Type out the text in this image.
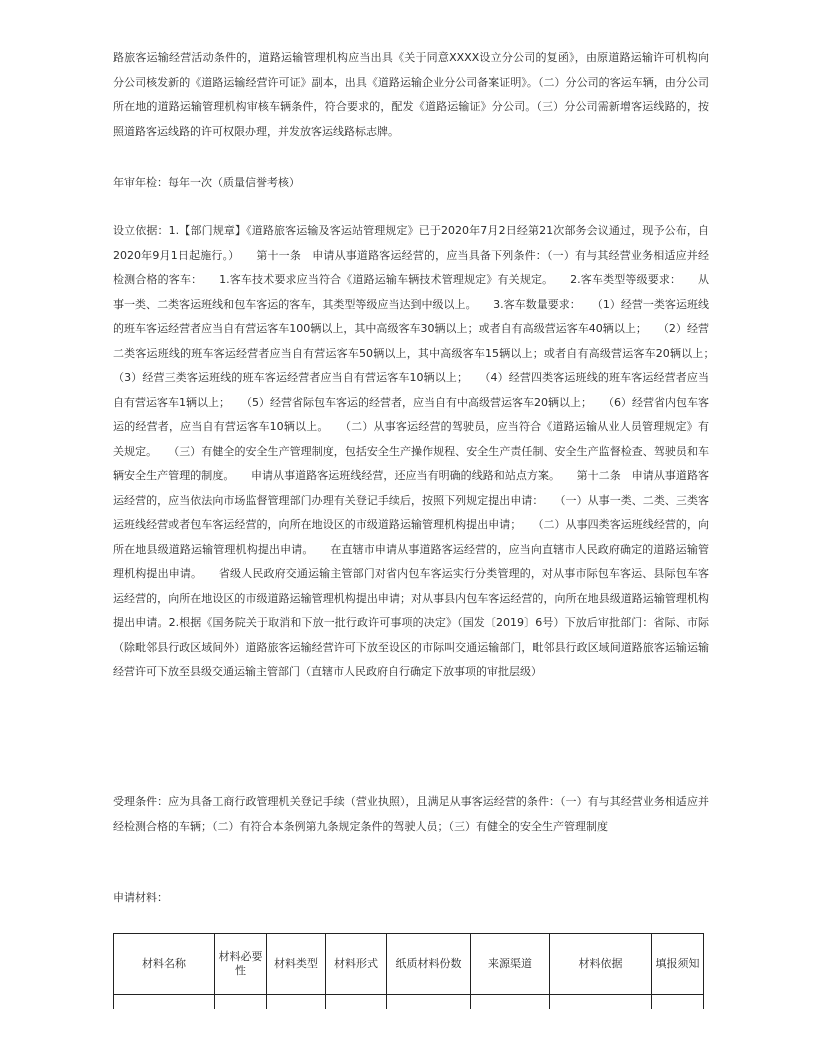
路旅客运输经营活动条件的，道路运输管理机构应当出具《关于同意XXXX设立分公司的复函》，由原道路运输许可机构向分公司核发新的《道路运输经营许可证》副本，出具《道路运输企业分公司备案证明》。（二）分公司的客运车辆，由分公司所在地的道路运输管理机构审核车辆条件，符合要求的，配发《道路运输证》分公司。（三）分公司需新增客运线路的，按照道路客运线路的许可权限办理，并发放客运线路标志牌。

年审年检：每年一次（质量信誉考核）

设立依据：1.【部门规章】《道路旅客运输及客运站管理规定》已于2020年7月2日经第21次部务会议通过，现予公布，自2020年9月1日起施行。）　　第十一条　申请从事道路客运经营的，应当具备下列条件：（一）有与其经营业务相适应并经检测合格的客车：　　1.客车技术要求应当符合《道路运输车辆技术管理规定》有关规定。　　2.客车类型等级要求：　　从事一类、二类客运班线和包车客运的客车，其类型等级应当达到中级以上。　　3.客车数量要求：　　（1）经营一类客运班线的班车客运经营者应当自有营运客车100辆以上，其中高级客车30辆以上；或者自有高级营运客车40辆以上；　　（2）经营二类客运班线的班车客运经营者应当自有营运客车50辆以上，其中高级客车15辆以上；或者自有高级营运客车20辆以上；　　（3）经营三类客运班线的班车客运经营者应当自有营运客车10辆以上；　　（4）经营四类客运班线的班车客运经营者应当自有营运客车1辆以上；　　（5）经营省际包车客运的经营者，应当自有中高级营运客车20辆以上；　　（6）经营省内包车客运的经营者，应当自有营运客车10辆以上。　　（二）从事客运经营的驾驶员，应当符合《道路运输从业人员管理规定》有关规定。　　（三）有健全的安全生产管理制度，包括安全生产操作规程、安全生产责任制、安全生产监督检查、驾驶员和车辆安全生产管理的制度。　　申请从事道路客运班线经营，还应当有明确的线路和站点方案。　　第十二条　申请从事道路客运经营的，应当依法向市场监督管理部门办理有关登记手续后，按照下列规定提出申请：　　（一）从事一类、二类、三类客运班线经营或者包车客运经营的，向所在地设区的市级道路运输管理机构提出申请；　　（二）从事四类客运班线经营的，向所在地县级道路运输管理机构提出申请。　　在直辖市申请从事道路客运经营的，应当向直辖市人民政府确定的道路运输管理机构提出申请。　　省级人民政府交通运输主管部门对省内包车客运实行分类管理的，对从事市际包车客运、县际包车客运经营的，向所在地设区的市级道路运输管理机构提出申请；对从事县内包车客运经营的，向所在地县级道路运输管理机构提出申请。2.根据《国务院关于取消和下放一批行政许可事项的决定》（国发〔2019〕6号）下放后审批部门：省际、市际（除毗邻县行政区域间外）道路旅客运输经营许可下放至设区的市际叫交通运输部门，毗邻县行政区域间道路旅客运输运输经营许可下放至县级交通运输主管部门（直辖市人民政府自行确定下放事项的审批层级）

受理条件：应为具备工商行政管理机关登记手续（营业执照），且满足从事客运经营的条件：（一）有与其经营业务相适应并经检测合格的车辆；（二）有符合本条例第九条规定条件的驾驶人员；（三）有健全的安全生产管理制度

申请材料：

材料名称	材料必要性	材料类型	材料形式	纸质材料份数	来源渠道	材料依据	填报须知
